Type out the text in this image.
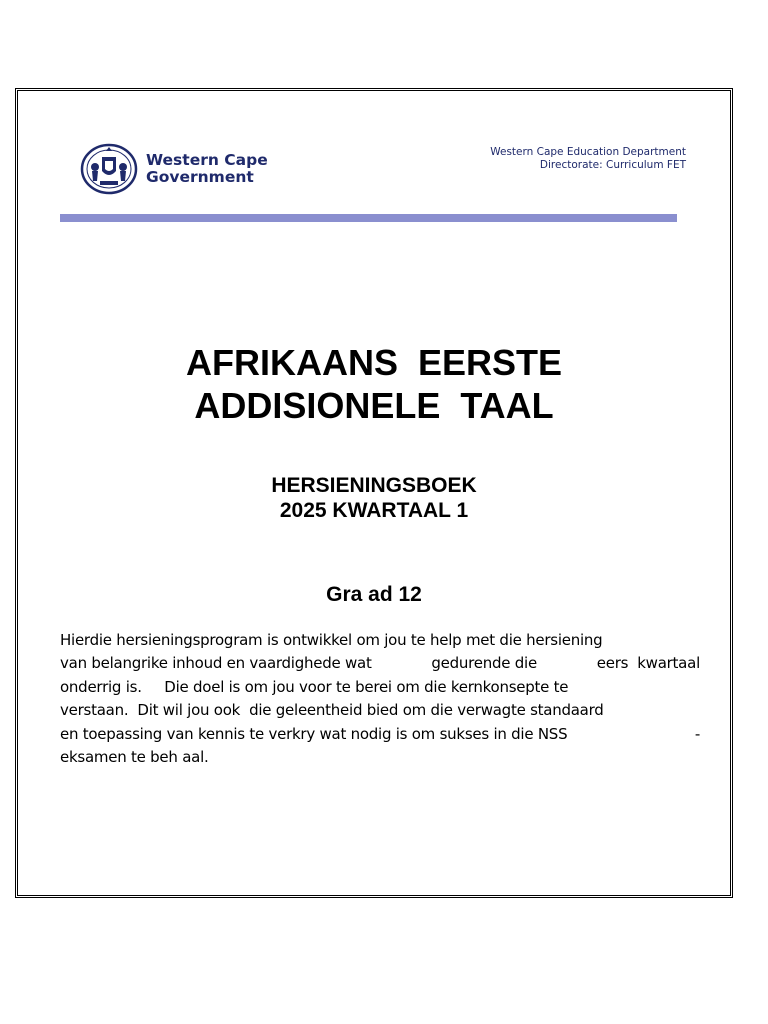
Western Cape
Government
Western Cape Education Department
Directorate: Curriculum FET
AFRIKAANS  EERSTE
ADDISIONELE  TAAL
HERSIENINGSBOEK
2025 KWARTAAL 1
Gra ad 12
Hierdie hersieningsprogram is ontwikkel om jou te help met die hersiening
van belangrike inhoud en vaardighede wat	gedurende die	eers  kwartaal
onderrig is.     Die doel is om jou voor te berei om die kernkonsepte te
verstaan.  Dit wil jou ook  die geleentheid bied om die verwagte standaard
en toepassing van kennis te verkry wat nodig is om sukses in die NSS	-
eksamen te beh aal.
